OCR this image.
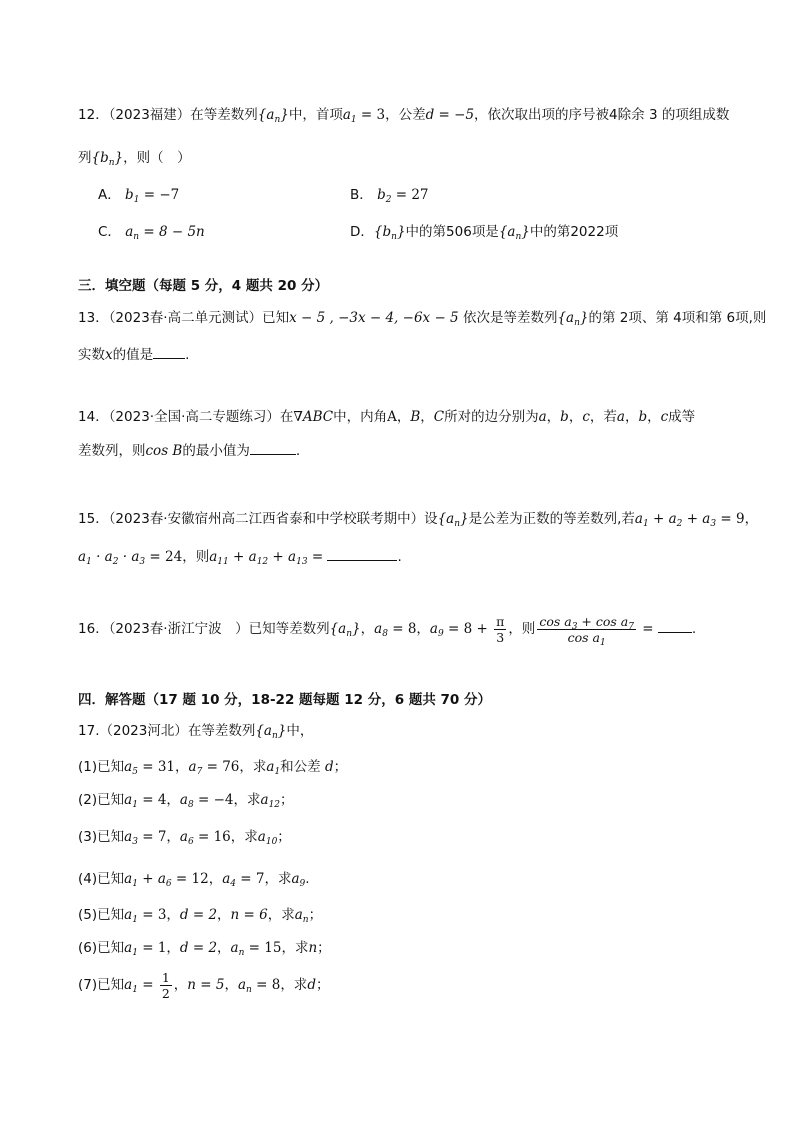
12．（2023福建）在等差数列$\{a_n\}$中，首项$a_1 = 3$，公差d = −5，依次取出项的序号被4除余 3 的项组成数
列$\{b_n\}$，则（　）
A． $b_1 = -7$	B． $b_2 = 27$
C． $a_n = 8 - 5n$	D．$\{b_n\}$中的第506项是$\{a_n\}$中的第2022项
三．填空题（每题 5 分，4 题共 20 分）
13．（2023春·高二单元测试）已知x − 5 , −3x − 4, −6x − 5 依次是等差数列$\{a_n\}$的第 2项、第 4项和第 6项,则
实数x的值是 .
14．（2023·全国·高二专题练习）在∇ABC中，内角A，B，C所对的边分别为a，b，c，若a，b，c成等
差数列，则cos B的最小值为	.
15．（2023春·安徽宿州高二江西省泰和中学校联考期中）设$\{a_n\}$是公差为正数的等差数列,若$a_1 + a_2 + a_3 = 9$，
$a_1 \cdot a_2 \cdot a_3 = 24$，则$a_{11} + a_{12} + a_{13}$ =	.
16．（2023春·浙江宁波　）已知等差数列$\{a_n\}$，$a_8 = 8$，$a_9 = 8 + \frac{\pi}{3}$ ，则 $\frac{\cos a_3 + \cos a_7}{\cos a_1}$ =	.
四．解答题（17 题 10 分，18-22 题每题 12 分，6 题共 70 分）
17.（2023河北）在等差数列$\{a_n\}$中，
(1)已知$a_5 = 31$，$a_7 = 76$，求$a_1$和公差 d；
(2)已知$a_1 = 4$，$a_8 = -4$，求$a_{12}$；
(3)已知$a_3 = 7$，$a_6 = 16$，求$a_{10}$；
(4)已知$a_1 + a_6 = 12$，$a_4 = 7$，求$a_9$.
(5)已知$a_1 = 3$，d = 2，n = 6，求$a_n$；
(6)已知$a_1 = 1$，d = 2，$a_n = 15$，求n；
(7)已知$a_1 = \frac{1}{2}$ ，n = 5，$a_n = 8$，求d；
